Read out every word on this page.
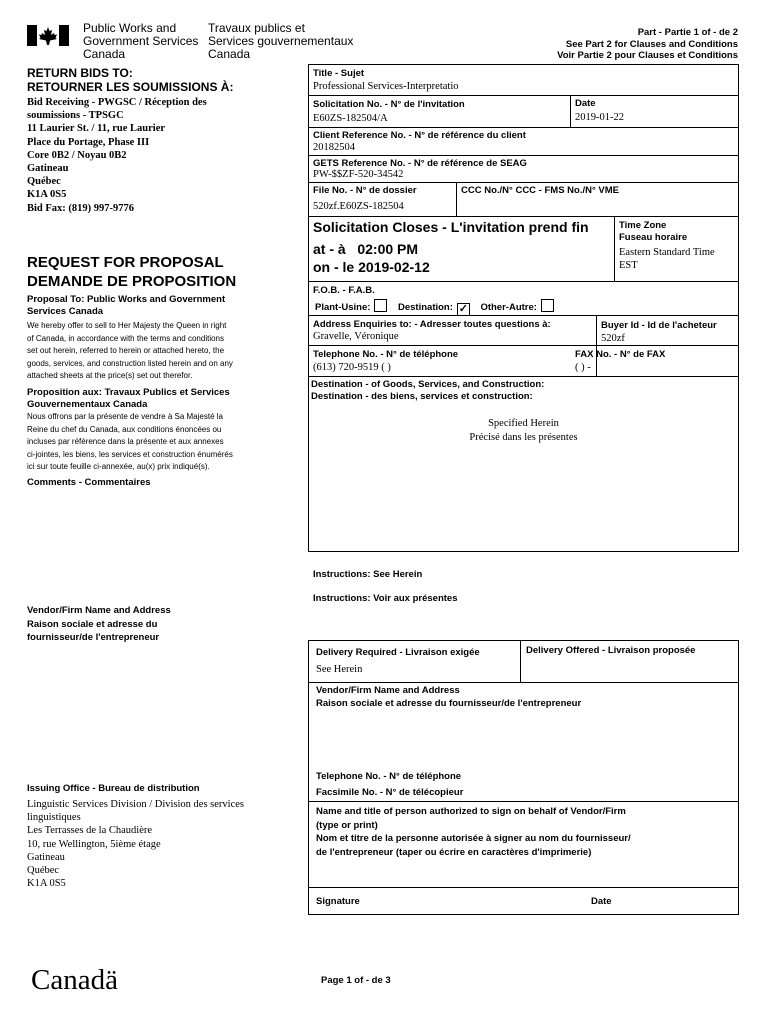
Public Works and
Government Services
Canada
Travaux publics et
Services gouvernementaux
Canada
Part - Partie 1 of - de 2
See Part 2 for Clauses and Conditions
Voir Partie 2 pour Clauses et Conditions
RETURN BIDS TO:
RETOURNER LES SOUMISSIONS À:
Bid Receiving - PWGSC / Réception des
soumissions - TPSGC
11 Laurier St. / 11, rue Laurier
Place du Portage, Phase III
Core 0B2 / Noyau 0B2
Gatineau
Québec
K1A 0S5
Bid Fax: (819) 997-9776
REQUEST FOR PROPOSAL
DEMANDE DE PROPOSITION
Proposal To: Public Works and Government
Services Canada
We hereby offer to sell to Her Majesty the Queen in right
of Canada, in accordance with the terms and conditions
set out herein, referred to herein or attached hereto, the
goods, services, and construction listed herein and on any
attached sheets at the price(s) set out therefor.
Proposition aux: Travaux Publics et Services
Gouvernementaux Canada
Nous offrons par la présente de vendre à Sa Majesté la
Reine du chef du Canada, aux conditions énoncées ou
incluses par référence dans la présente et aux annexes
ci-jointes, les biens, les services et construction énumérés
ici sur toute feuille ci-annexée, au(x) prix indiqué(s).
Comments - Commentaires
Vendor/Firm Name and Address
Raison sociale et adresse du
fournisseur/de l'entrepreneur
Issuing Office - Bureau de distribution
Linguistic Services Division / Division des services
linguistiques
Les Terrasses de la Chaudière
10, rue Wellington, 5ième étage
Gatineau
Québec
K1A 0S5
Title - Sujet
Professional Services-Interpretatio
Solicitation No. - N° de l'invitation
E60ZS-182504/A
Date
2019-01-22
Client Reference No. - N° de référence du client
20182504
GETS Reference No. - N° de référence de SEAG
PW-$$ZF-520-34542
File No. - N° de dossier
520zf.E60ZS-182504
CCC No./N° CCC - FMS No./N° VME
Solicitation Closes - L'invitation prend fin
at - à 02:00 PM
on - le 2019-02-12
Time Zone
Fuseau horaire
Eastern Standard Time
EST
F.O.B. - F.A.B.
Plant-Usine:	Destination: ✓ Other-Autre:
Address Enquiries to: - Adresser toutes questions à:
Gravelle, Véronique
Buyer Id - Id de l'acheteur
520zf
Telephone No. - N° de téléphone
(613) 720-9519 ( )
FAX No. - N° de FAX
( ) -
Destination - of Goods, Services, and Construction:
Destination - des biens, services et construction:
Specified Herein
Précisé dans les présentes
Instructions: See Herein
Instructions: Voir aux présentes
Delivery Required - Livraison exigée
See Herein
Delivery Offered - Livraison proposée
Vendor/Firm Name and Address
Raison sociale et adresse du fournisseur/de l'entrepreneur
Telephone No. - N° de téléphone
Facsimile No. - N° de télécopieur
Name and title of person authorized to sign on behalf of Vendor/Firm
(type or print)
Nom et titre de la personne autorisée à signer au nom du fournisseur/
de l'entrepreneur (taper ou écrire en caractères d'imprimerie)
Signature	Date
Canadä	Page 1 of - de 3
